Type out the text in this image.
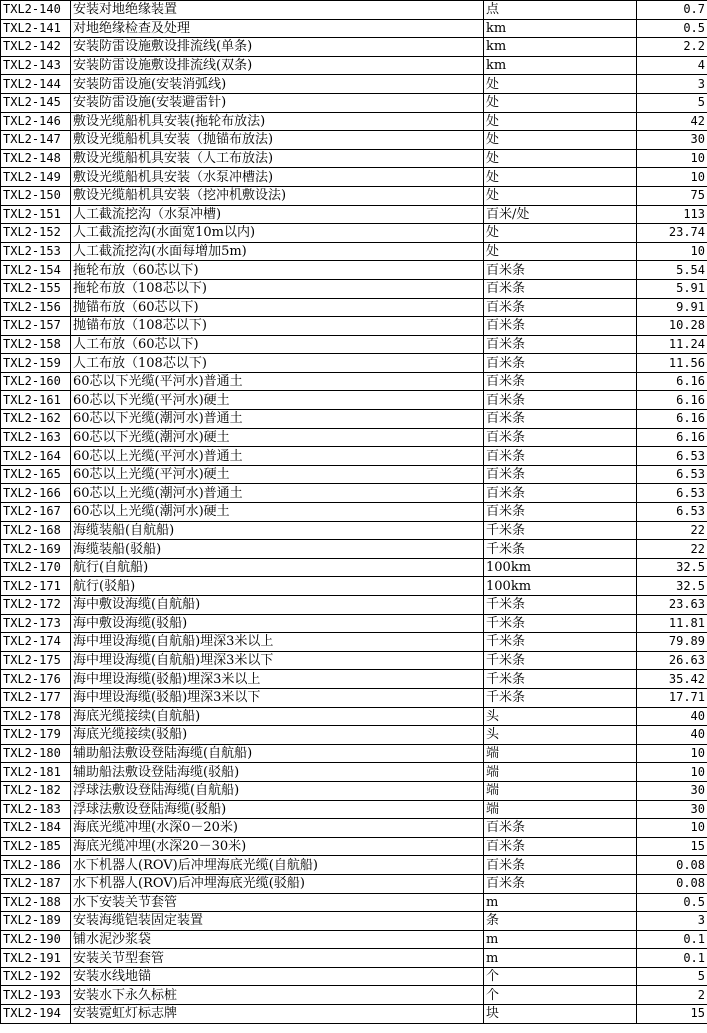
TXL2-140	安装对地绝缘装置	点	0.7
TXL2-141	对地绝缘检查及处理	km	0.5
TXL2-142	安装防雷设施敷设排流线(单条)	km	2.2
TXL2-143	安装防雷设施敷设排流线(双条)	km	4
TXL2-144	安装防雷设施(安装消弧线)	处	3
TXL2-145	安装防雷设施(安装避雷针)	处	5
TXL2-146	敷设光缆船机具安装(拖轮布放法)	处	42
TXL2-147	敷设光缆船机具安装（抛锚布放法)	处	30
TXL2-148	敷设光缆船机具安装（人工布放法)	处	10
TXL2-149	敷设光缆船机具安装（水泵冲槽法)	处	10
TXL2-150	敷设光缆船机具安装（挖冲机敷设法)	处	75
TXL2-151	人工截流挖沟（水泵冲槽)	百米/处	113
TXL2-152	人工截流挖沟(水面宽10m以内)	处	23.74
TXL2-153	人工截流挖沟(水面每增加5m)	处	10
TXL2-154	拖轮布放（60芯以下)	百米条	5.54
TXL2-155	拖轮布放（108芯以下)	百米条	5.91
TXL2-156	抛锚布放（60芯以下)	百米条	9.91
TXL2-157	抛锚布放（108芯以下)	百米条	10.28
TXL2-158	人工布放（60芯以下)	百米条	11.24
TXL2-159	人工布放（108芯以下)	百米条	11.56
TXL2-160	60芯以下光缆(平河水)普通土	百米条	6.16
TXL2-161	60芯以下光缆(平河水)硬土	百米条	6.16
TXL2-162	60芯以下光缆(潮河水)普通土	百米条	6.16
TXL2-163	60芯以下光缆(潮河水)硬土	百米条	6.16
TXL2-164	60芯以上光缆(平河水)普通土	百米条	6.53
TXL2-165	60芯以上光缆(平河水)硬土	百米条	6.53
TXL2-166	60芯以上光缆(潮河水)普通土	百米条	6.53
TXL2-167	60芯以上光缆(潮河水)硬土	百米条	6.53
TXL2-168	海缆装船(自航船)	千米条	22
TXL2-169	海缆装船(驳船)	千米条	22
TXL2-170	航行(自航船)	100km	32.5
TXL2-171	航行(驳船)	100km	32.5
TXL2-172	海中敷设海缆(自航船)	千米条	23.63
TXL2-173	海中敷设海缆(驳船)	千米条	11.81
TXL2-174	海中埋设海缆(自航船)埋深3米以上	千米条	79.89
TXL2-175	海中埋设海缆(自航船)埋深3米以下	千米条	26.63
TXL2-176	海中埋设海缆(驳船)埋深3米以上	千米条	35.42
TXL2-177	海中埋设海缆(驳船)埋深3米以下	千米条	17.71
TXL2-178	海底光缆接续(自航船)	头	40
TXL2-179	海底光缆接续(驳船)	头	40
TXL2-180	辅助船法敷设登陆海缆(自航船)	端	10
TXL2-181	辅助船法敷设登陆海缆(驳船)	端	10
TXL2-182	浮球法敷设登陆海缆(自航船)	端	30
TXL2-183	浮球法敷设登陆海缆(驳船)	端	30
TXL2-184	海底光缆冲埋(水深0－20米)	百米条	10
TXL2-185	海底光缆冲埋(水深20－30米)	百米条	15
TXL2-186	水下机器人(ROV)后冲埋海底光缆(自航船)	百米条	0.08
TXL2-187	水下机器人(ROV)后冲埋海底光缆(驳船)	百米条	0.08
TXL2-188	水下安装关节套管	m	0.5
TXL2-189	安装海缆铠装固定装置	条	3
TXL2-190	铺水泥沙浆袋	m	0.1
TXL2-191	安装关节型套管	m	0.1
TXL2-192	安装水线地锚	个	5
TXL2-193	安装水下永久标桩	个	2
TXL2-194	安装霓虹灯标志牌	块	15
